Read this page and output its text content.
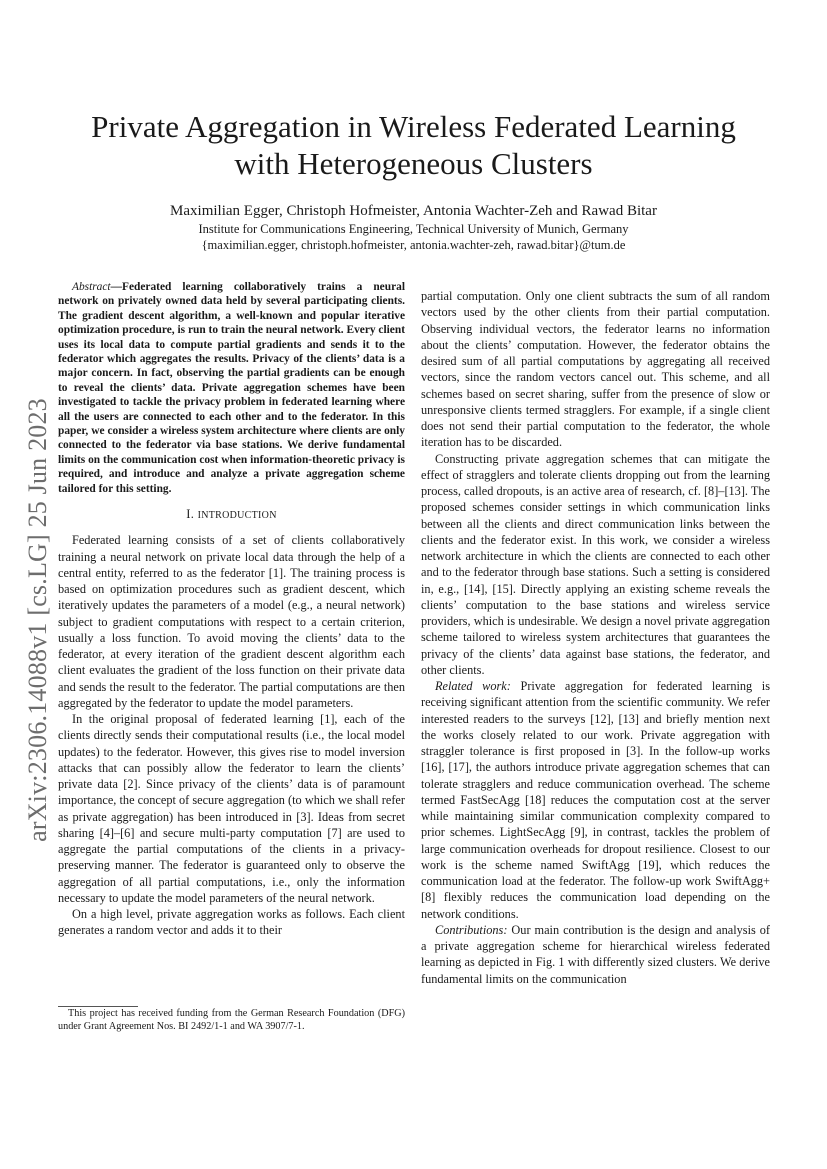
arXiv:2306.14088v1 [cs.LG] 25 Jun 2023
Private Aggregation in Wireless Federated Learning
with Heterogeneous Clusters
Maximilian Egger, Christoph Hofmeister, Antonia Wachter-Zeh and Rawad Bitar
Institute for Communications Engineering, Technical University of Munich, Germany
{maximilian.egger, christoph.hofmeister, antonia.wachter-zeh, rawad.bitar}@tum.de

Abstract—Federated learning collaboratively trains a neural network on privately owned data held by several participating clients. The gradient descent algorithm, a well-known and popular iterative optimization procedure, is run to train the neural network. Every client uses its local data to compute partial gradients and sends it to the federator which aggregates the results. Privacy of the clients’ data is a major concern. In fact, observing the partial gradients can be enough to reveal the clients’ data. Private aggregation schemes have been investigated to tackle the privacy problem in federated learning where all the users are connected to each other and to the federator. In this paper, we consider a wireless system architecture where clients are only connected to the federator via base stations. We derive fundamental limits on the communication cost when information-theoretic privacy is required, and introduce and analyze a private aggregation scheme tailored for this setting.

I. INTRODUCTION

Federated learning consists of a set of clients collaboratively training a neural network on private local data through the help of a central entity, referred to as the federator [1]. The training process is based on optimization procedures such as gradient descent, which iteratively updates the parameters of a model (e.g., a neural network) subject to gradient computations with respect to a certain criterion, usually a loss function. To avoid moving the clients’ data to the federator, at every iteration of the gradient descent algorithm each client evaluates the gradient of the loss function on their private data and sends the result to the federator. The partial computations are then aggregated by the federator to update the model parameters.

In the original proposal of federated learning [1], each of the clients directly sends their computational results (i.e., the local model updates) to the federator. However, this gives rise to model inversion attacks that can possibly allow the federator to learn the clients’ private data [2]. Since privacy of the clients’ data is of paramount importance, the concept of secure aggregation (to which we shall refer as private aggregation) has been introduced in [3]. Ideas from secret sharing [4]–[6] and secure multi-party computation [7] are used to aggregate the partial computations of the clients in a privacy-preserving manner. The federator is guaranteed only to observe the aggregation of all partial computations, i.e., only the information necessary to update the model parameters of the neural network.

On a high level, private aggregation works as follows. Each client generates a random vector and adds it to their

This project has received funding from the German Research Foundation (DFG) under Grant Agreement Nos. BI 2492/1-1 and WA 3907/7-1.

partial computation. Only one client subtracts the sum of all random vectors used by the other clients from their partial computation. Observing individual vectors, the federator learns no information about the clients’ computation. However, the federator obtains the desired sum of all partial computations by aggregating all received vectors, since the random vectors cancel out. This scheme, and all schemes based on secret sharing, suffer from the presence of slow or unresponsive clients termed stragglers. For example, if a single client does not send their partial computation to the federator, the whole iteration has to be discarded.

Constructing private aggregation schemes that can mitigate the effect of stragglers and tolerate clients dropping out from the learning process, called dropouts, is an active area of research, cf. [8]–[13]. The proposed schemes consider settings in which communication links between all the clients and direct communication links between the clients and the federator exist. In this work, we consider a wireless network architecture in which the clients are connected to each other and to the federator through base stations. Such a setting is considered in, e.g., [14], [15]. Directly applying an existing scheme reveals the clients’ computation to the base stations and wireless service providers, which is undesirable. We design a novel private aggregation scheme tailored to wireless system architectures that guarantees the privacy of the clients’ data against base stations, the federator, and other clients.

Related work: Private aggregation for federated learning is receiving significant attention from the scientific community. We refer interested readers to the surveys [12], [13] and briefly mention next the works closely related to our work. Private aggregation with straggler tolerance is first proposed in [3]. In the follow-up works [16], [17], the authors introduce private aggregation schemes that can tolerate stragglers and reduce communication overhead. The scheme termed FastSecAgg [18] reduces the computation cost at the server while maintaining similar communication complexity compared to prior schemes. LightSecAgg [9], in contrast, tackles the problem of large communication overheads for dropout resilience. Closest to our work is the scheme named SwiftAgg [19], which reduces the communication load at the federator. The follow-up work SwiftAgg+ [8] flexibly reduces the communication load depending on the network conditions.

Contributions: Our main contribution is the design and analysis of a private aggregation scheme for hierarchical wireless federated learning as depicted in Fig. 1 with differently sized clusters. We derive fundamental limits on the communication
